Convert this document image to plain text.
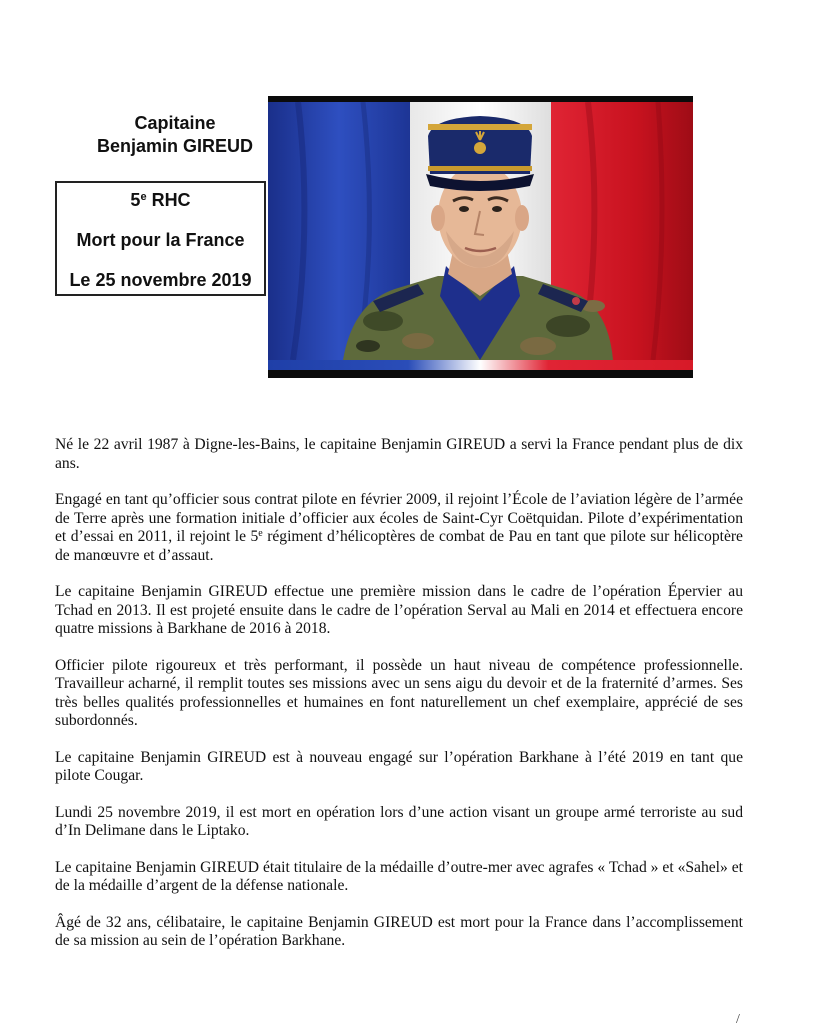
Capitaine
Benjamin GIREUD
5e RHC
Mort pour la France
Le 25 novembre 2019

Né le 22 avril 1987 à Digne-les-Bains, le capitaine Benjamin GIREUD a servi la France pendant plus de dix ans.

Engagé en tant qu’officier sous contrat pilote en février 2009, il rejoint l’École de l’aviation légère de l’armée de Terre après une formation initiale d’officier aux écoles de Saint-Cyr Coëtquidan. Pilote d’expérimentation et d’essai en 2011, il rejoint le 5e régiment d’hélicoptères de combat de Pau en tant que pilote sur hélicoptère de manœuvre et d’assaut.

Le capitaine Benjamin GIREUD effectue une première mission dans le cadre de l’opération Épervier au Tchad en 2013. Il est projeté ensuite dans le cadre de l’opération Serval au Mali en 2014 et effectuera encore quatre missions à Barkhane de 2016 à 2018.

Officier pilote rigoureux et très performant, il possède un haut niveau de compétence professionnelle. Travailleur acharné, il remplit toutes ses missions avec un sens aigu du devoir et de la fraternité d’armes. Ses très belles qualités professionnelles et humaines en font naturellement un chef exemplaire, apprécié de ses subordonnés.

Le capitaine Benjamin GIREUD est à nouveau engagé sur l’opération Barkhane à l’été 2019 en tant que pilote Cougar.

Lundi 25 novembre 2019, il est mort en opération lors d’une action visant un groupe armé terroriste au sud d’In Delimane dans le Liptako.

Le capitaine Benjamin GIREUD était titulaire de la médaille d’outre-mer avec agrafes « Tchad » et «Sahel» et de la médaille d’argent de la défense nationale.

Âgé de 32 ans, célibataire, le capitaine Benjamin GIREUD est mort pour la France dans l’accomplissement de sa mission au sein de l’opération Barkhane.

/
